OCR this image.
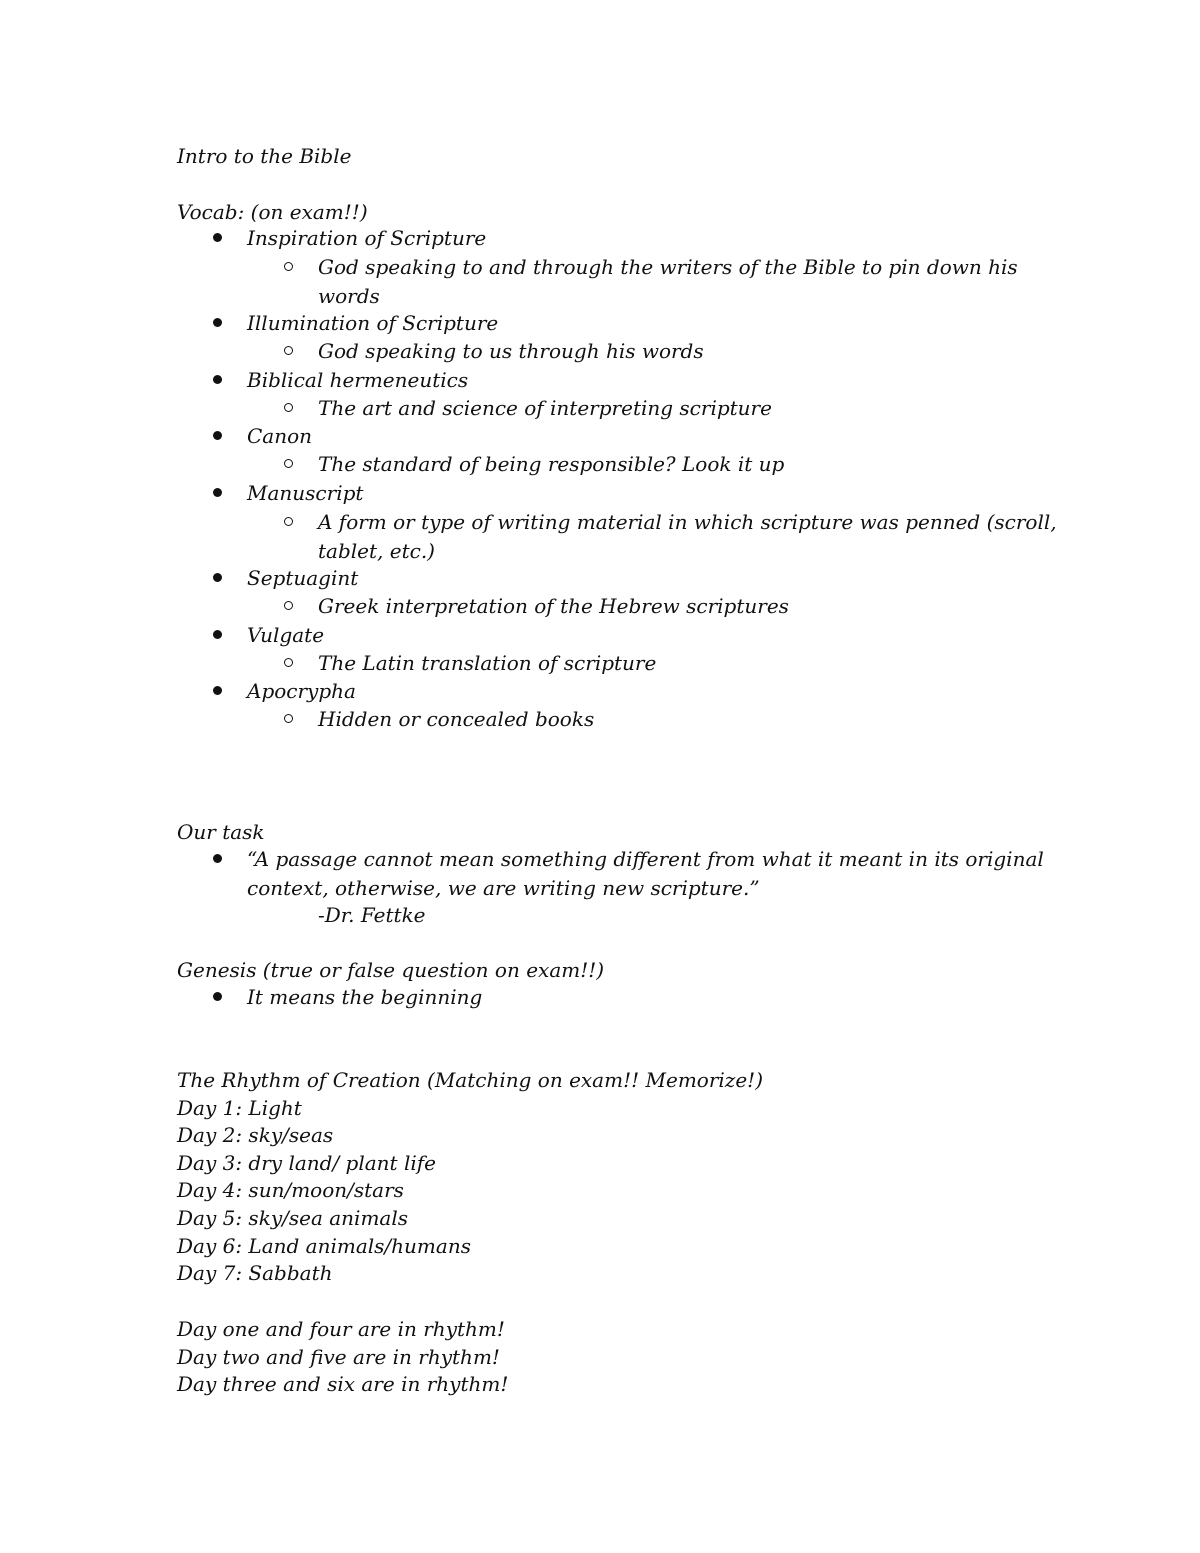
Intro to the Bible
Vocab: (on exam!!)
Inspiration of Scripture
God speaking to and through the writers of the Bible to pin down his
words
Illumination of Scripture
God speaking to us through his words
Biblical hermeneutics
The art and science of interpreting scripture
Canon
The standard of being responsible? Look it up
Manuscript
A form or type of writing material in which scripture was penned (scroll,
tablet, etc.)
Septuagint
Greek interpretation of the Hebrew scriptures
Vulgate
The Latin translation of scripture
Apocrypha
Hidden or concealed books
Our task
“A passage cannot mean something different from what it meant in its original
context, otherwise, we are writing new scripture.”
-Dr. Fettke
Genesis (true or false question on exam!!)
It means the beginning
The Rhythm of Creation (Matching on exam!! Memorize!)
Day 1: Light
Day 2: sky/seas
Day 3: dry land/ plant life
Day 4: sun/moon/stars
Day 5: sky/sea animals
Day 6: Land animals/humans
Day 7: Sabbath
Day one and four are in rhythm!
Day two and five are in rhythm!
Day three and six are in rhythm!
